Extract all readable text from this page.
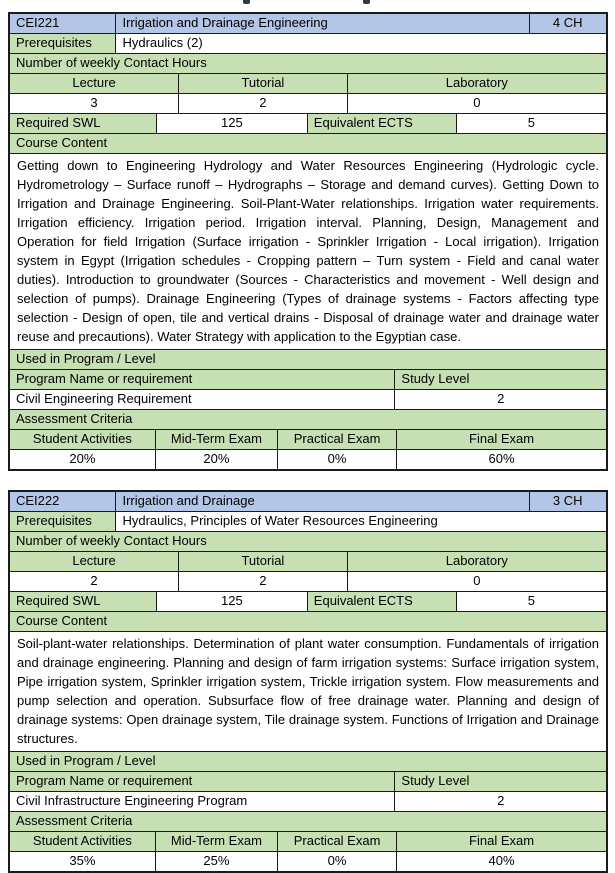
CEI221	Irrigation and Drainage Engineering	4 CH
Prerequisites	Hydraulics (2)
Number of weekly Contact Hours
Lecture	Tutorial	Laboratory
3	2	0
Required SWL	125	Equivalent ECTS	5
Course Content
Getting down to Engineering Hydrology and Water Resources Engineering (Hydrologic cycle. Hydrometrology – Surface runoff – Hydrographs – Storage and demand curves). Getting Down to Irrigation and Drainage Engineering. Soil-Plant-Water relationships. Irrigation water requirements. Irrigation efficiency. Irrigation period. Irrigation interval. Planning, Design, Management and Operation for field Irrigation (Surface irrigation - Sprinkler Irrigation - Local irrigation). Irrigation system in Egypt (Irrigation schedules - Cropping pattern – Turn system - Field and canal water duties). Introduction to groundwater (Sources - Characteristics and movement - Well design and selection of pumps). Drainage Engineering (Types of drainage systems - Factors affecting type selection - Design of open, tile and vertical drains - Disposal of drainage water and drainage water reuse and precautions). Water Strategy with application to the Egyptian case.
Used in Program / Level
Program Name or requirement	Study Level
Civil Engineering Requirement	2
Assessment Criteria
Student Activities	Mid-Term Exam	Practical Exam	Final Exam
20%	20%	0%	60%
CEI222	Irrigation and Drainage	3 CH
Prerequisites	Hydraulics, Principles of Water Resources Engineering
Number of weekly Contact Hours
Lecture	Tutorial	Laboratory
2	2	0
Required SWL	125	Equivalent ECTS	5
Course Content
Soil-plant-water relationships. Determination of plant water consumption. Fundamentals of irrigation and drainage engineering. Planning and design of farm irrigation systems: Surface irrigation system, Pipe irrigation system, Sprinkler irrigation system, Trickle irrigation system. Flow measurements and pump selection and operation. Subsurface flow of free drainage water. Planning and design of drainage systems: Open drainage system, Tile drainage system. Functions of Irrigation and Drainage structures.
Used in Program / Level
Program Name or requirement	Study Level
Civil Infrastructure Engineering Program	2
Assessment Criteria
Student Activities	Mid-Term Exam	Practical Exam	Final Exam
35%	25%	0%	40%
